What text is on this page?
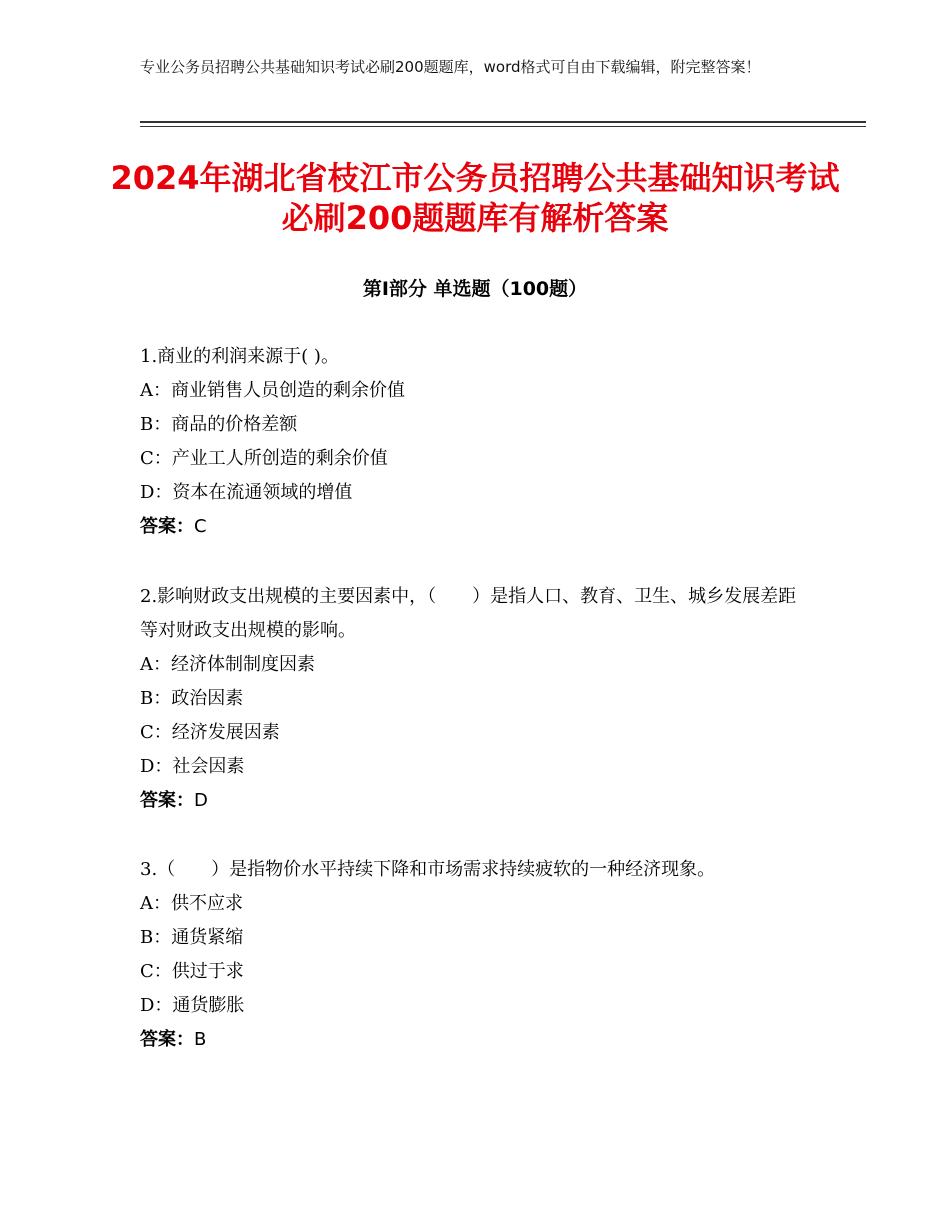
专业公务员招聘公共基础知识考试必刷200题题库，word格式可自由下载编辑，附完整答案！
2024年湖北省枝江市公务员招聘公共基础知识考试必刷200题题库有解析答案
第Ⅰ部分 单选题（100题）

1.商业的利润来源于( )。

A：商业销售人员创造的剩余价值

B：商品的价格差额

C：产业工人所创造的剩余价值

D：资本在流通领域的增值

答案：C

2.影响财政支出规模的主要因素中，（　　）是指人口、教育、卫生、城乡发展差距等对财政支出规模的影响。

A：经济体制制度因素

B：政治因素

C：经济发展因素

D：社会因素

答案：D

3.（　　）是指物价水平持续下降和市场需求持续疲软的一种经济现象。

A：供不应求

B：通货紧缩

C：供过于求

D：通货膨胀

答案：B
